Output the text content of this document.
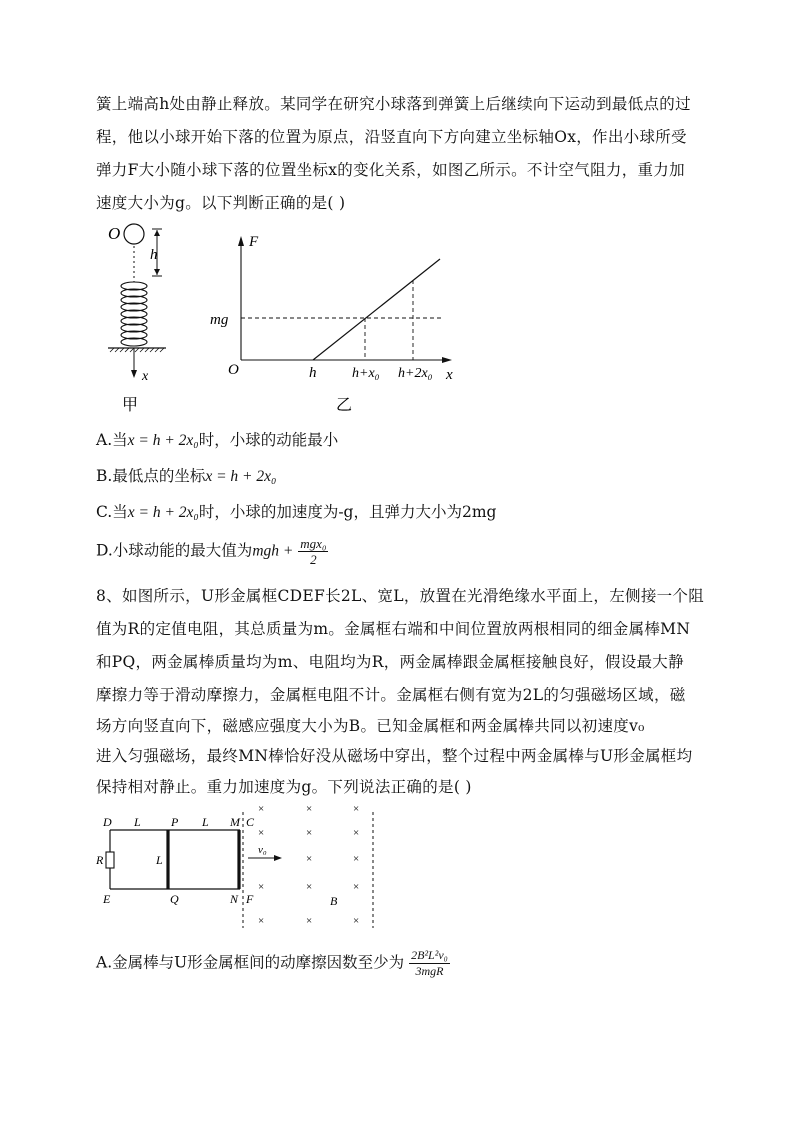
簧上端高h处由静止释放。某同学在研究小球落到弹簧上后继续向下运动到最低点的过
程，他以小球开始下落的位置为原点，沿竖直向下方向建立坐标轴Ox，作出小球所受
弹力F大小随小球下落的位置坐标x的变化关系，如图乙所示。不计空气阻力，重力加
速度大小为g。以下判断正确的是( )
O
h
x
甲
F
x
O
mg
h	h+x₀ h+2x₀
乙
A.当x = h + 2x₀时，小球的动能最小
B.最低点的坐标x = h + 2x₀
C.当x = h + 2x₀时，小球的加速度为-g，且弹力大小为2mg
D.小球动能的最大值为mgh + $\frac{\text{mgx₀}}{2}$
8、如图所示，U形金属框CDEF长2L、宽L，放置在光滑绝缘水平面上，左侧接一个阻
值为R的定值电阻，其总质量为m。金属框右端和中间位置放两根相同的细金属棒MN
和PQ，两金属棒质量均为m、电阻均为R，两金属棒跟金属框接触良好，假设最大静
摩擦力等于滑动摩擦力，金属框电阻不计。金属框右侧有宽为2L的匀强磁场区域，磁
场方向竖直向下，磁感应强度大小为B。已知金属框和两金属棒共同以初速度v₀
进入匀强磁场，最终MN棒恰好没从磁场中穿出，整个过程中两金属棒与U形金属框均
保持相对静止。重力加速度为g。下列说法正确的是( )
D L	P L M C
R	L
E	Q	N F	B
v₀
×	×	×
×	×	×
×	×
×	×	×
×	×	×
A.金属棒与U形金属框间的动摩擦因数至少为 $\frac{\text{2B²L²v₀}}{\text{3mgR}}$
